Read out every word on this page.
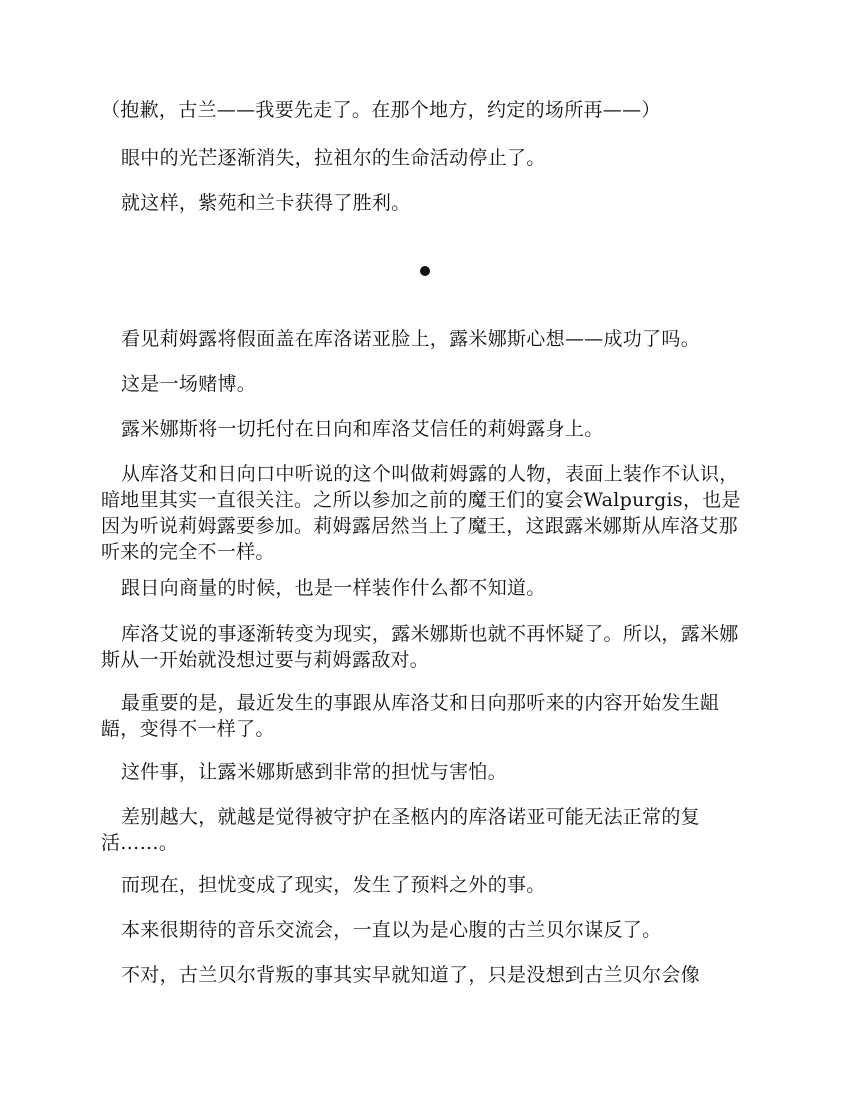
（抱歉，古兰——我要先走了。在那个地方，约定的场所再——）

眼中的光芒逐渐消失，拉祖尔的生命活动停止了。

就这样，紫苑和兰卡获得了胜利。

看见莉姆露将假面盖在库洛诺亚脸上，露米娜斯心想——成功了吗。

这是一场赌博。

露米娜斯将一切托付在日向和库洛艾信任的莉姆露身上。

从库洛艾和日向口中听说的这个叫做莉姆露的人物，表面上装作不认识，暗地里其实一直很关注。之所以参加之前的魔王们的宴会Walpurgis，也是因为听说莉姆露要参加。莉姆露居然当上了魔王，这跟露米娜斯从库洛艾那听来的完全不一样。

跟日向商量的时候，也是一样装作什么都不知道。

库洛艾说的事逐渐转变为现实，露米娜斯也就不再怀疑了。所以，露米娜斯从一开始就没想过要与莉姆露敌对。

最重要的是，最近发生的事跟从库洛艾和日向那听来的内容开始发生龃龉，变得不一样了。

这件事，让露米娜斯感到非常的担忧与害怕。

差别越大，就越是觉得被守护在圣柩内的库洛诺亚可能无法正常的复活……。

而现在，担忧变成了现实，发生了预料之外的事。

本来很期待的音乐交流会，一直以为是心腹的古兰贝尔谋反了。

不对，古兰贝尔背叛的事其实早就知道了，只是没想到古兰贝尔会像
